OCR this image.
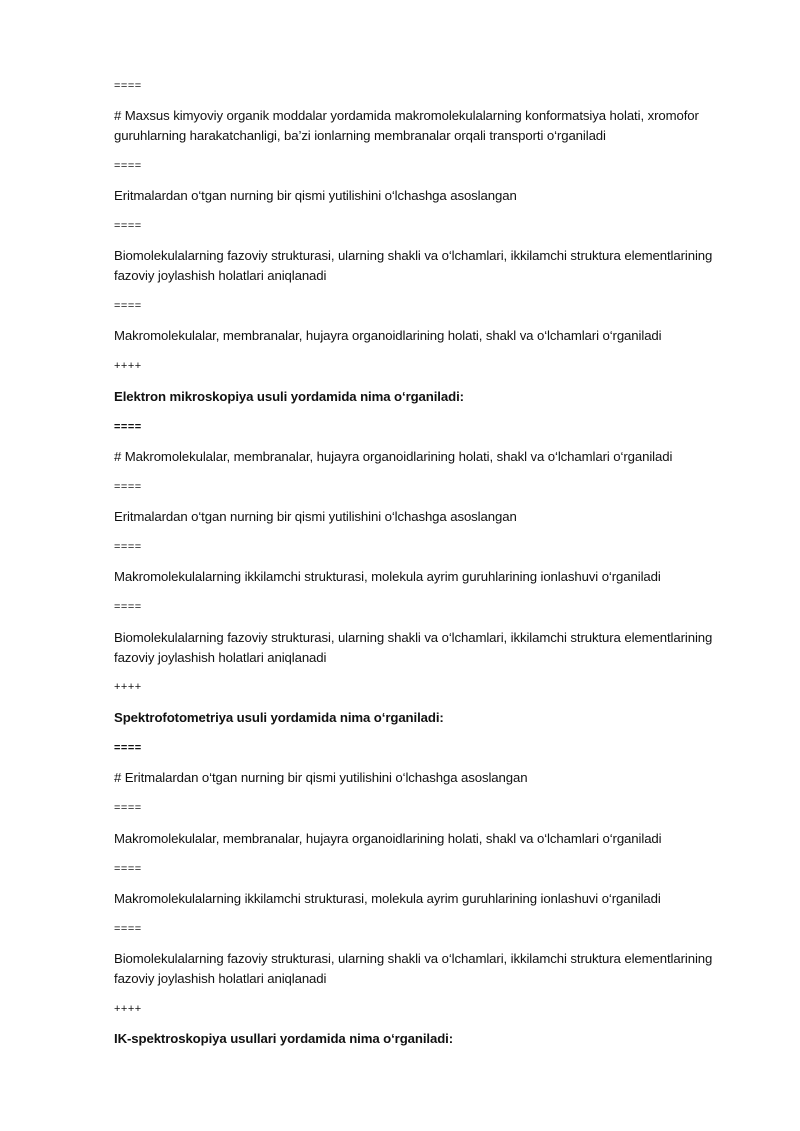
====
# Maxsus kimyoviy organik moddalar yordamida makromolekulalarning konformatsiya holati, xromofor guruhlarning harakatchanligi, ba’zi ionlarning membranalar orqali transporti o‘rganiladi
====
Eritmalardan o‘tgan nurning bir qismi yutilishini o‘lchashga asoslangan
====
Biomolekulalarning fazoviy strukturasi, ularning shakli va o‘lchamlari, ikkilamchi struktura elementlarining fazoviy joylashish holatlari aniqlanadi
====
Makromolekulalar, membranalar, hujayra organoidlarining holati, shakl va o‘lchamlari o‘rganiladi
++++
Elektron mikroskopiya usuli yordamida nima o‘rganiladi:
====
# Makromolekulalar, membranalar, hujayra organoidlarining holati, shakl va o‘lchamlari o‘rganiladi
====
Eritmalardan o‘tgan nurning bir qismi yutilishini o‘lchashga asoslangan
====
Makromolekulalarning ikkilamchi strukturasi, molekula ayrim guruhlarining ionlashuvi o‘rganiladi
====
Biomolekulalarning fazoviy strukturasi, ularning shakli va o‘lchamlari, ikkilamchi struktura elementlarining fazoviy joylashish holatlari aniqlanadi
++++
Spektrofotometriya usuli yordamida nima o‘rganiladi:
====
# Eritmalardan o‘tgan nurning bir qismi yutilishini o‘lchashga asoslangan
====
Makromolekulalar, membranalar, hujayra organoidlarining holati, shakl va o‘lchamlari o‘rganiladi
====
Makromolekulalarning ikkilamchi strukturasi, molekula ayrim guruhlarining ionlashuvi o‘rganiladi
====
Biomolekulalarning fazoviy strukturasi, ularning shakli va o‘lchamlari, ikkilamchi struktura elementlarining fazoviy joylashish holatlari aniqlanadi
++++
IK-spektroskopiya usullari yordamida nima o‘rganiladi:
